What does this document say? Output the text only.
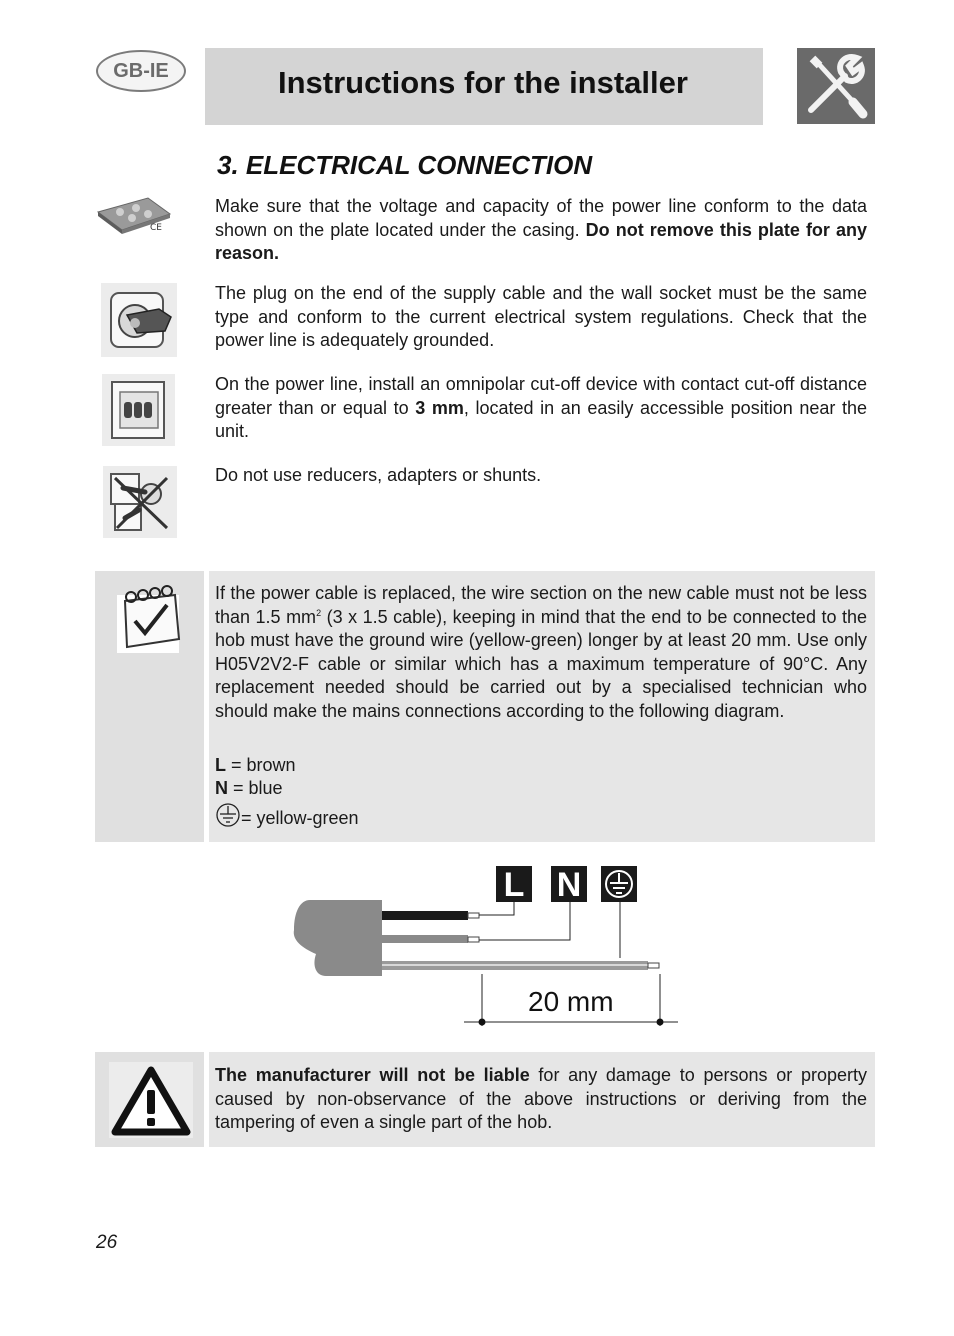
GB-IE	Instructions for the installer
3. ELECTRICAL CONNECTION
CE
Make sure that the voltage and capacity of the power line conform to the data shown on the plate located under the casing. Do not remove this plate for any reason.
The plug on the end of the supply cable and the wall socket must be the same type and conform to the current electrical system regulations. Check that the power line is adequately grounded.
On the power line, install an omnipolar cut-off device with contact cut-off distance greater than or equal to 3 mm, located in an easily accessible position near the unit.
Do not use reducers, adapters or shunts.
If the power cable is replaced, the wire section on the new cable must not be less than 1.5 $mm^2$ (3 x 1.5 cable), keeping in mind that the end to be connected to the hob must have the ground wire (yellow-green) longer by at least 20 mm. Use only H05V2V2-F cable or similar which has a maximum temperature of 90°C. Any replacement needed should be carried out by a specialised technician who should make the mains connections according to the following diagram.
L = brown
N = blue
= yellow-green
L N
20 mm
The manufacturer will not be liable for any damage to persons or property caused by non-observance of the above instructions or deriving from the tampering of even a single part of the hob.
26
